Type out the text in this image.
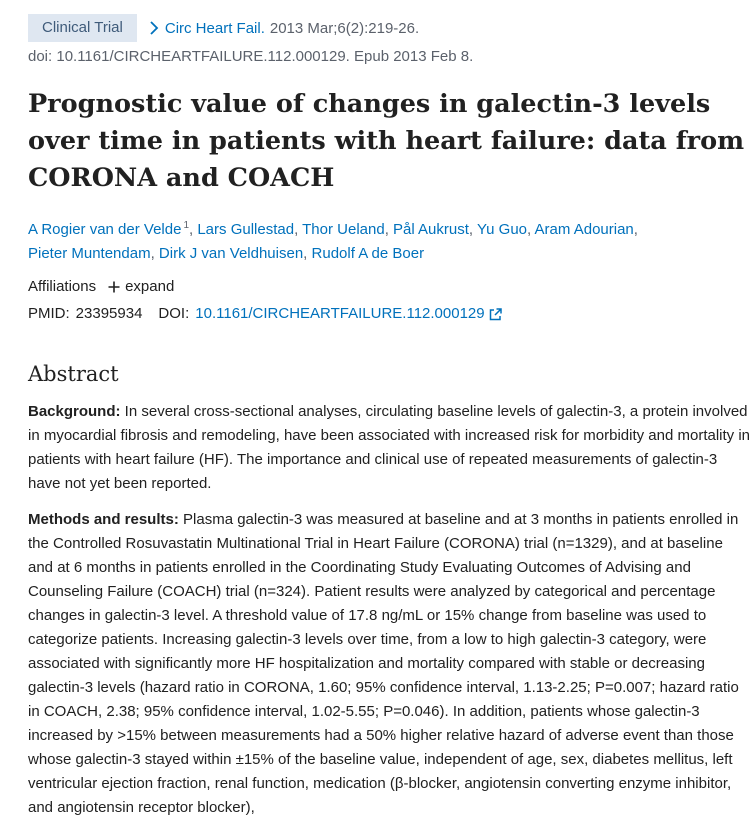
Clinical Trial	Circ Heart Fail. 2013 Mar;6(2):219-26.
doi: 10.1161/CIRCHEARTFAILURE.112.000129. Epub 2013 Feb 8.
Prognostic value of changes in galectin-3 levels over time in patients with heart failure: data from CORONA and COACH
A Rogier van der Velde $^1$, Lars Gullestad, Thor Ueland, Pål Aukrust, Yu Guo, Aram Adourian,
Pieter Muntendam, Dirk J van Veldhuisen, Rudolf A de Boer
Affiliations expand
PMID: 23395934 DOI: 10.1161/CIRCHEARTFAILURE.112.000129
Abstract

Background: In several cross-sectional analyses, circulating baseline levels of galectin-3, a protein involved in myocardial fibrosis and remodeling, have been associated with increased risk for morbidity and mortality in patients with heart failure (HF). The importance and clinical use of repeated measurements of galectin-3 have not yet been reported.

Methods and results: Plasma galectin-3 was measured at baseline and at 3 months in patients enrolled in the Controlled Rosuvastatin Multinational Trial in Heart Failure (CORONA) trial (n=1329), and at baseline and at 6 months in patients enrolled in the Coordinating Study Evaluating Outcomes of Advising and Counseling Failure (COACH) trial (n=324). Patient results were analyzed by categorical and percentage changes in galectin-3 level. A threshold value of 17.8 ng/mL or 15% change from baseline was used to categorize patients. Increasing galectin-3 levels over time, from a low to high galectin-3 category, were associated with significantly more HF hospitalization and mortality compared with stable or decreasing galectin-3 levels (hazard ratio in CORONA, 1.60; 95% confidence interval, 1.13-2.25; P=0.007; hazard ratio in COACH, 2.38; 95% confidence interval, 1.02-5.55; P=0.046). In addition, patients whose galectin-3 increased by >15% between measurements had a 50% higher relative hazard of adverse event than those whose galectin-3 stayed within ±15% of the baseline value, independent of age, sex, diabetes mellitus, left ventricular ejection fraction, renal function, medication (β-blocker, angiotensin converting enzyme inhibitor, and angiotensin receptor blocker),
